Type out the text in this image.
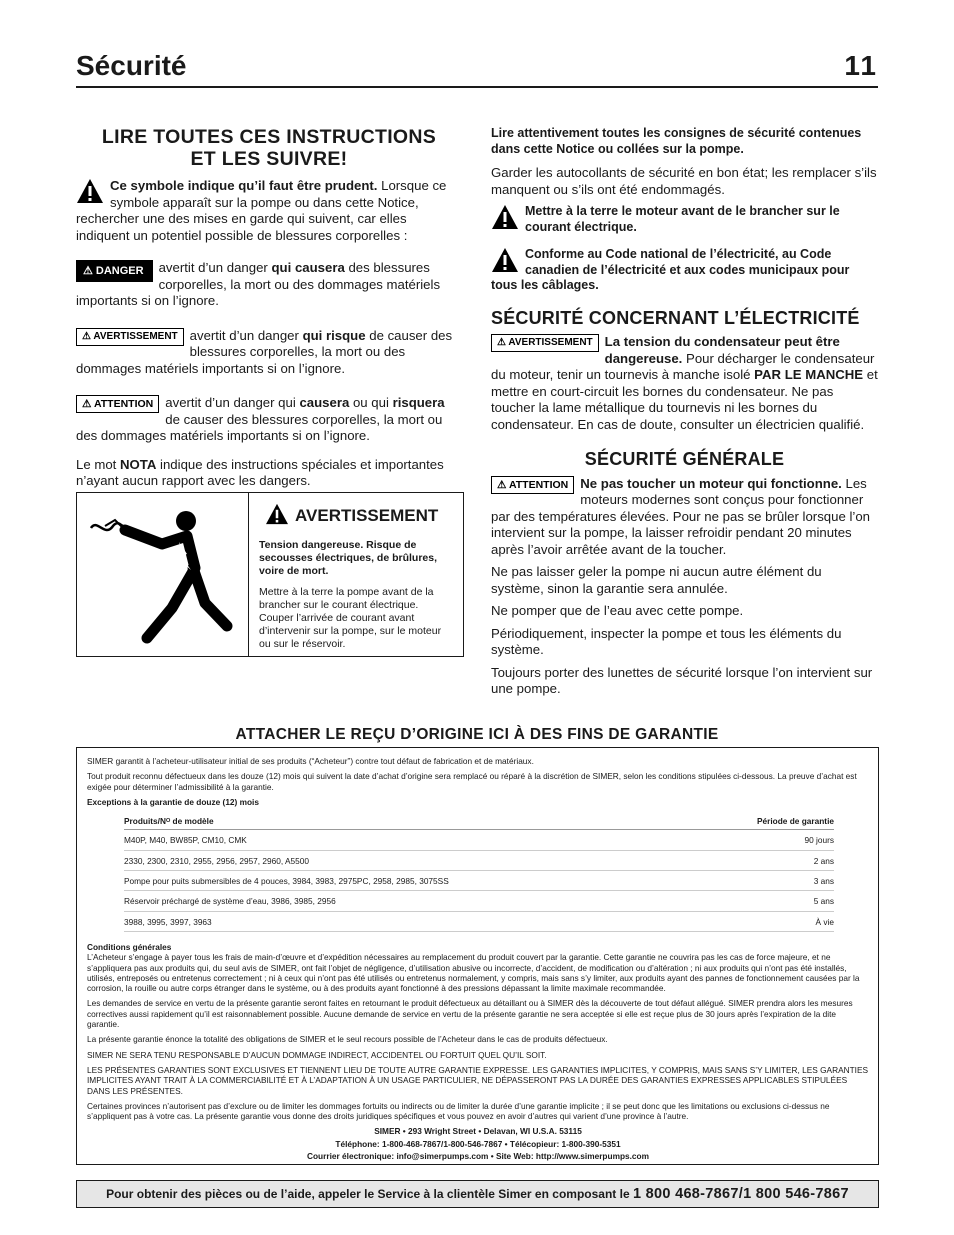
Sécurité	11
LIRE TOUTES CES INSTRUCTIONS
ET LES SUIVRE!

Ce symbole indique qu’il faut être prudent. Lorsque ce symbole apparaît sur la pompe ou dans cette Notice, rechercher une des mises en garde qui suivent, car elles indiquent un potentiel possible de blessures corporelles :

⚠ DANGER	avertit d’un danger qui causera des blessures corporelles, la mort ou des dommages matériels importants si on l’ignore.

⚠ AVERTISSEMENT avertit d’un danger qui risque de causer des blessures corporelles, la mort ou des dommages matériels importants si on l’ignore.

⚠ ATTENTION avertit d’un danger qui causera ou qui risquera de causer des blessures corporelles, la mort ou des dommages matériels importants si on l’ignore.

Le mot NOTA indique des instructions spéciales et importantes n’ayant aucun rapport avec les dangers.

AVERTISSEMENT

Tension dangereuse. Risque de secousses électriques, de brûlures, voire de mort.

Mettre à la terre la pompe avant de la brancher sur le courant électrique. Couper l’arrivée de courant avant d’intervenir sur la pompe, sur le moteur ou sur le réservoir.

Lire attentivement toutes les consignes de sécurité contenues dans cette Notice ou collées sur la pompe.

Garder les autocollants de sécurité en bon état; les remplacer s’ils manquent ou s’ils ont été endommagés.

Mettre à la terre le moteur avant de le brancher sur le courant électrique.

Conforme au Code national de l’électricité, au Code canadien de l’électricité et aux codes municipaux pour tous les câblages.

SÉCURITÉ CONCERNANT L’ÉLECTRICITÉ

⚠ AVERTISSEMENT La tension du condensateur peut être dangereuse. Pour décharger le condensateur du moteur, tenir un tournevis à manche isolé PAR LE MANCHE et mettre en court-circuit les bornes du condensateur. Ne pas toucher la lame métallique du tournevis ni les bornes du condensateur. En cas de doute, consulter un électricien qualifié.

SÉCURITÉ GÉNÉRALE

⚠ ATTENTION Ne pas toucher un moteur qui fonctionne. Les moteurs modernes sont conçus pour fonctionner par des températures élevées. Pour ne pas se brûler lorsque l’on intervient sur la pompe, la laisser refroidir pendant 20 minutes après l’avoir arrêtée avant de la toucher.

Ne pas laisser geler la pompe ni aucun autre élément du système, sinon la garantie sera annulée.

Ne pomper que de l’eau avec cette pompe.

Périodiquement, inspecter la pompe et tous les éléments du système.

Toujours porter des lunettes de sécurité lorsque l’on intervient sur une pompe.

ATTACHER LE REÇU D’ORIGINE ICI À DES FINS DE GARANTIE

SIMER garantit à l’acheteur-utilisateur initial de ses produits (“Acheteur”) contre tout défaut de fabrication et de matériaux.

Tout produit reconnu défectueux dans les douze (12) mois qui suivent la date d’achat d’origine sera remplacé ou réparé à la discrétion de SIMER, selon les conditions stipulées ci-dessous. La preuve d’achat est exigée pour déterminer l’admissibilité à la garantie.

Exceptions à la garantie de douze (12) mois

Produits/Nᴼ de modèle	Période de garantie
M40P, M40, BW85P, CM10, CMK	90 jours
2330, 2300, 2310, 2955, 2956, 2957, 2960, A5500	2 ans
Pompe pour puits submersibles de 4 pouces, 3984, 3983, 2975PC, 2958, 2985, 3075SS	3 ans
Réservoir préchargé de système d’eau, 3986, 3985, 2956	5 ans
3988, 3995, 3997, 3963	À vie
Conditions générales

L’Acheteur s’engage à payer tous les frais de main-d’œuvre et d’expédition nécessaires au remplacement du produit couvert par la garantie. Cette garantie ne couvrira pas les cas de force majeure, et ne s’appliquera pas aux produits qui, du seul avis de SIMER, ont fait l’objet de négligence, d’utilisation abusive ou incorrecte, d’accident, de modification ou d’altération ; ni aux produits qui n’ont pas été installés, utilisés, entreposés ou entretenus correctement ; ni à ceux qui n’ont pas été utilisés ou entretenus normalement, y compris, mais sans s’y limiter, aux produits ayant des pannes de fonctionnement causées par la corrosion, la rouille ou autre corps étranger dans le système, ou à des produits ayant fonctionné à des pressions dépassant la limite maximale recommandée.

Les demandes de service en vertu de la présente garantie seront faites en retournant le produit défectueux au détaillant ou à SIMER dès la découverte de tout défaut allégué. SIMER prendra alors les mesures correctives aussi rapidement qu’il est raisonnablement possible. Aucune demande de service en vertu de la présente garantie ne sera acceptée si elle est reçue plus de 30 jours après l’expiration de la dite garantie.

La présente garantie énonce la totalité des obligations de SIMER et le seul recours possible de l’Acheteur dans le cas de produits défectueux.

SIMER NE SERA TENU RESPONSABLE D’AUCUN DOMMAGE INDIRECT, ACCIDENTEL OU FORTUIT QUEL QU’IL SOIT.

LES PRÉSENTES GARANTIES SONT EXCLUSIVES ET TIENNENT LIEU DE TOUTE AUTRE GARANTIE EXPRESSE. LES GARANTIES IMPLICITES, Y COMPRIS, MAIS SANS S’Y LIMITER, LES GARANTIES IMPLICITES AYANT TRAIT À LA COMMERCIABILITÉ ET À L’ADAPTATION À UN USAGE PARTICULIER, NE DÉPASSERONT PAS LA DURÉE DES GARANTIES EXPRESSES APPLICABLES STIPULÉES DANS LES PRÉSENTES.

Certaines provinces n’autorisent pas d’exclure ou de limiter les dommages fortuits ou indirects ou de limiter la durée d’une garantie implicite ; il se peut donc que les limitations ou exclusions ci-dessus ne s’appliquent pas à votre cas. La présente garantie vous donne des droits juridiques spécifiques et vous pouvez en avoir d’autres qui varient d’une province à l’autre.

SIMER • 293 Wright Street • Delavan, WI U.S.A. 53115
Téléphone: 1-800-468-7867/1-800-546-7867 • Télécopieur: 1-800-390-5351
Courrier électronique: info@simerpumps.com • Site Web: http://www.simerpumps.com
Pour obtenir des pièces ou de l’aide, appeler le Service à la clientèle Simer en composant le 1 800 468-7867/1 800 546-7867
